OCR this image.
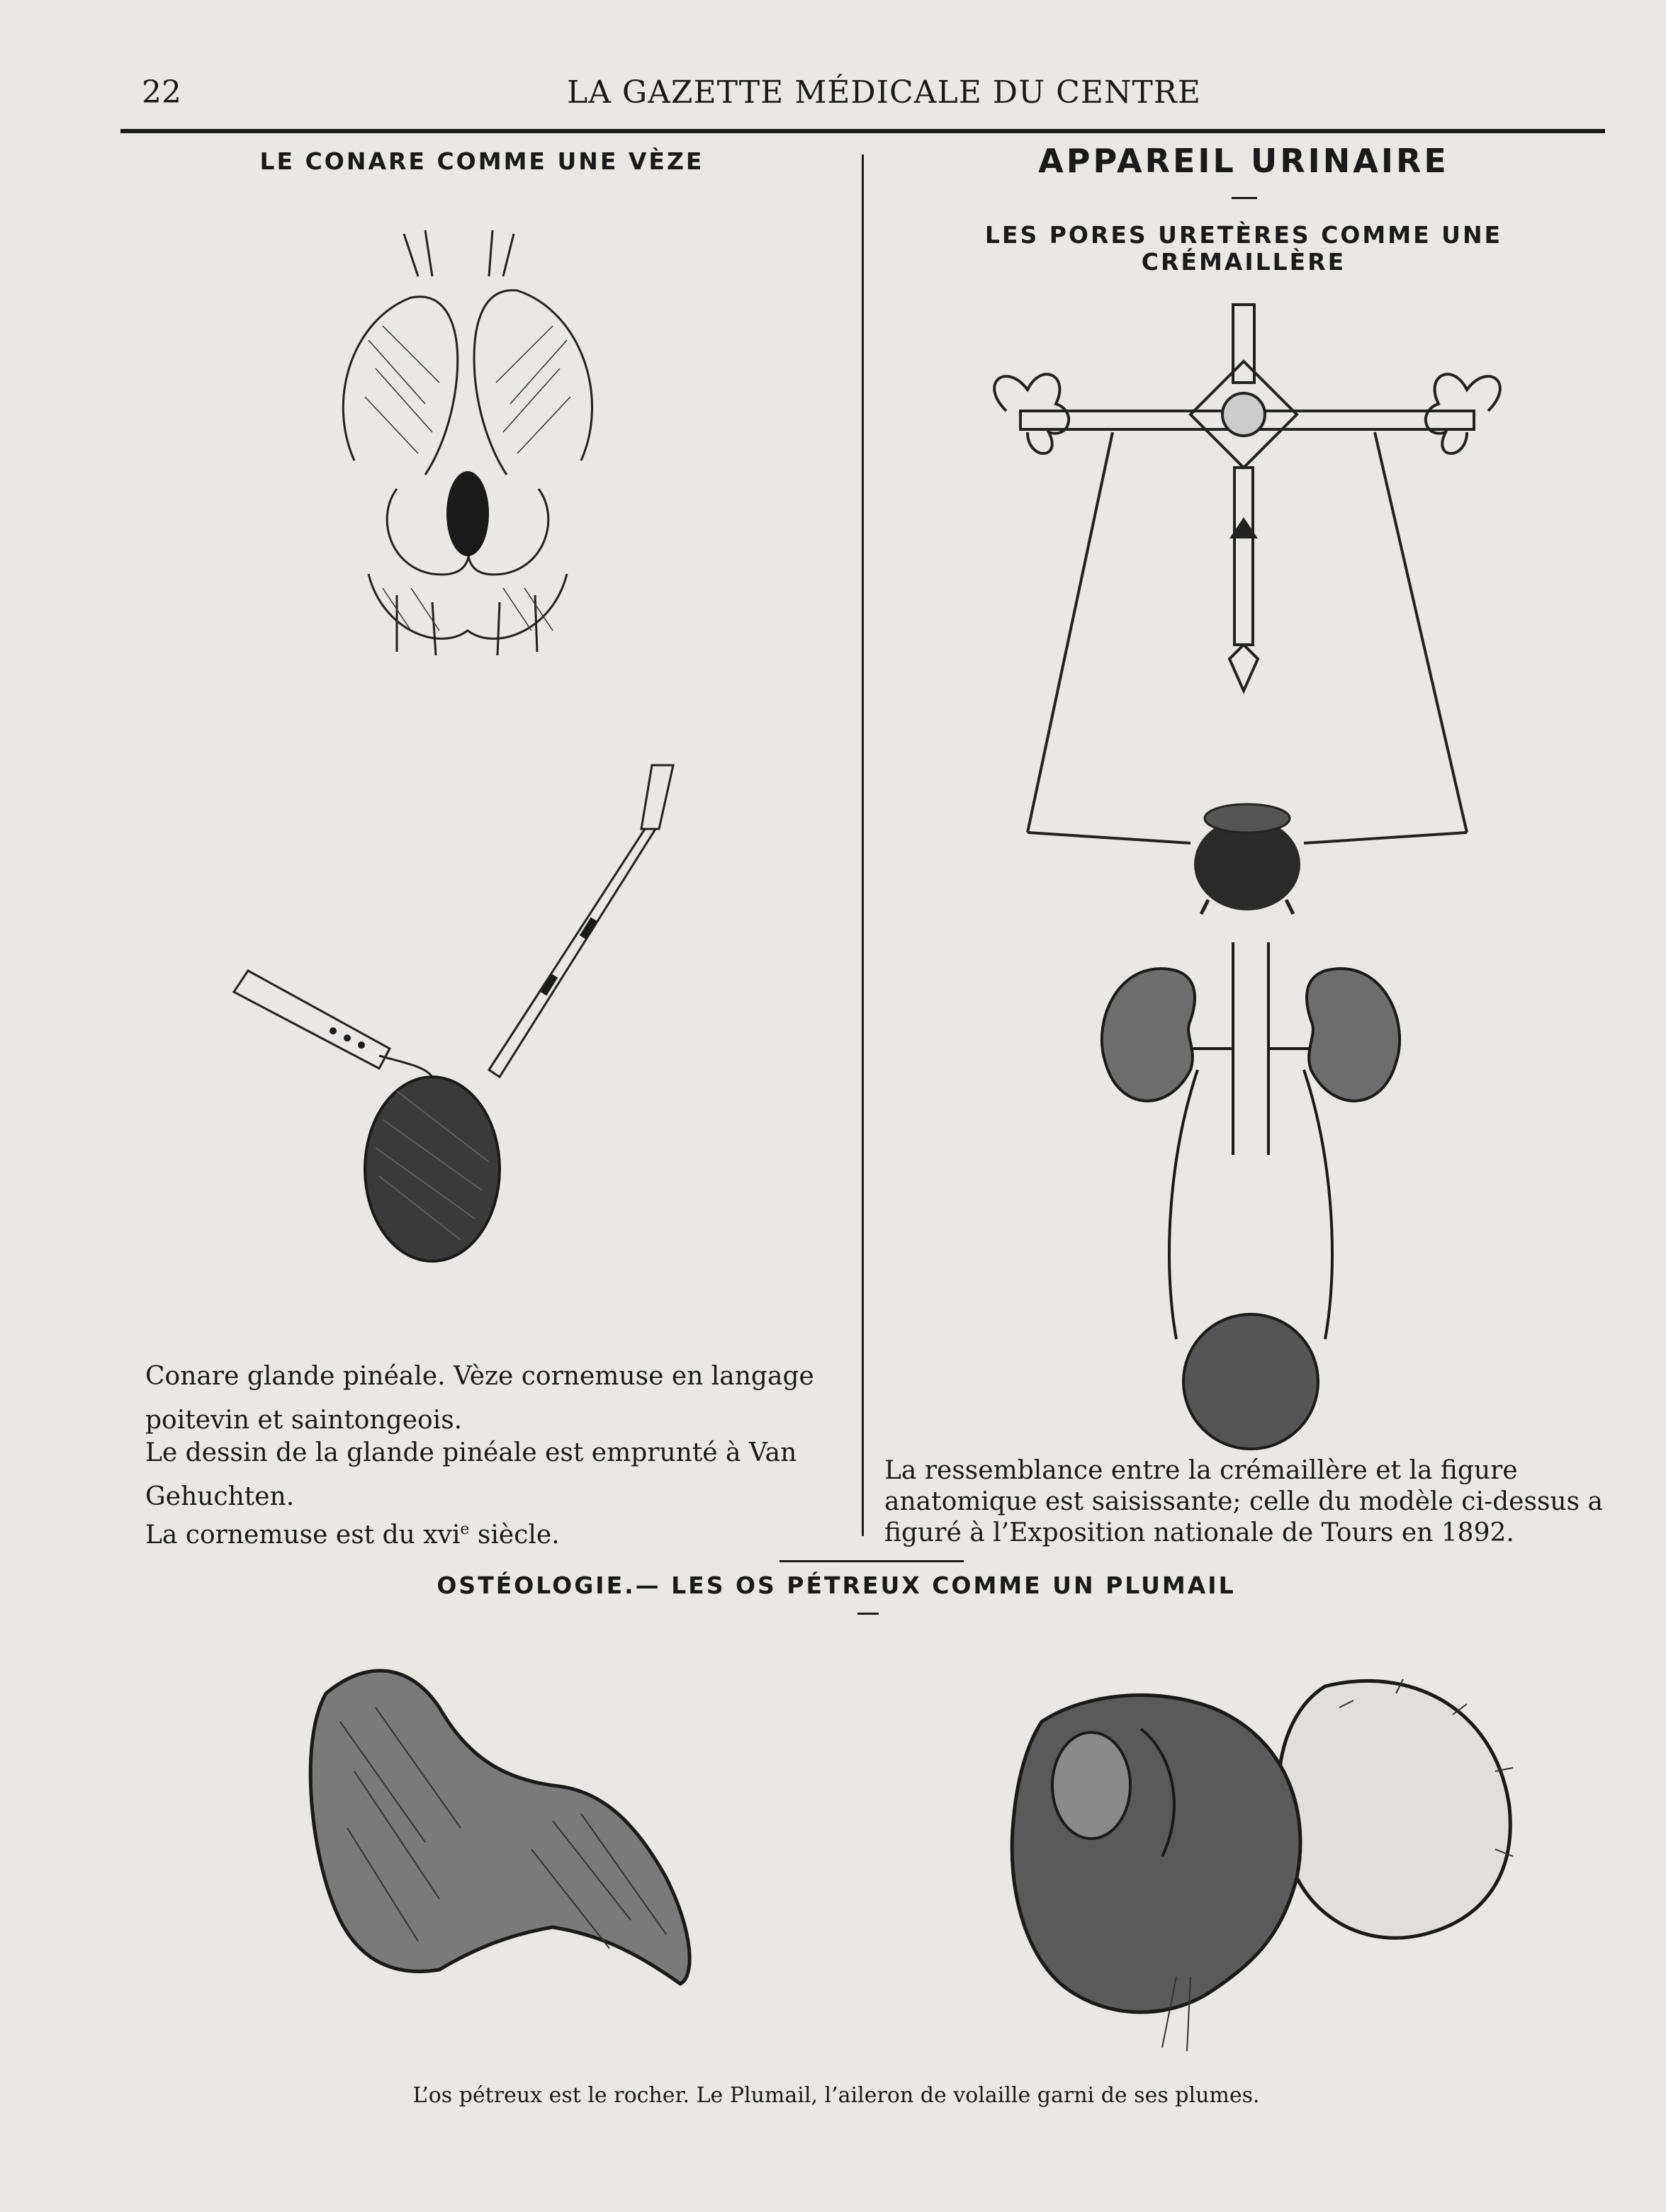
22	LA GAZETTE MÉDICALE DU CENTRE
LE CONARE COMME UNE VÈZE
Conare glande pinéale. Vèze cornemuse en langage poitevin et saintongeois.
Le dessin de la glande pinéale est emprunté à Van Gehuchten.
La cornemuse est du xvi$^e$ siècle.
APPAREIL URINAIRE
LES PORES URETÈRES COMME UNE
CRÉMAILLÈRE
La ressemblance entre la crémaillère et la figure anatomique est saisissante; celle du modèle ci-dessus a figuré à l’Exposition nationale de Tours en 1892.
OSTÉOLOGIE.— LES OS PÉTREUX COMME UN PLUMAIL
L’os pétreux est le rocher. Le Plumail, l’aileron de volaille garni de ses plumes.
